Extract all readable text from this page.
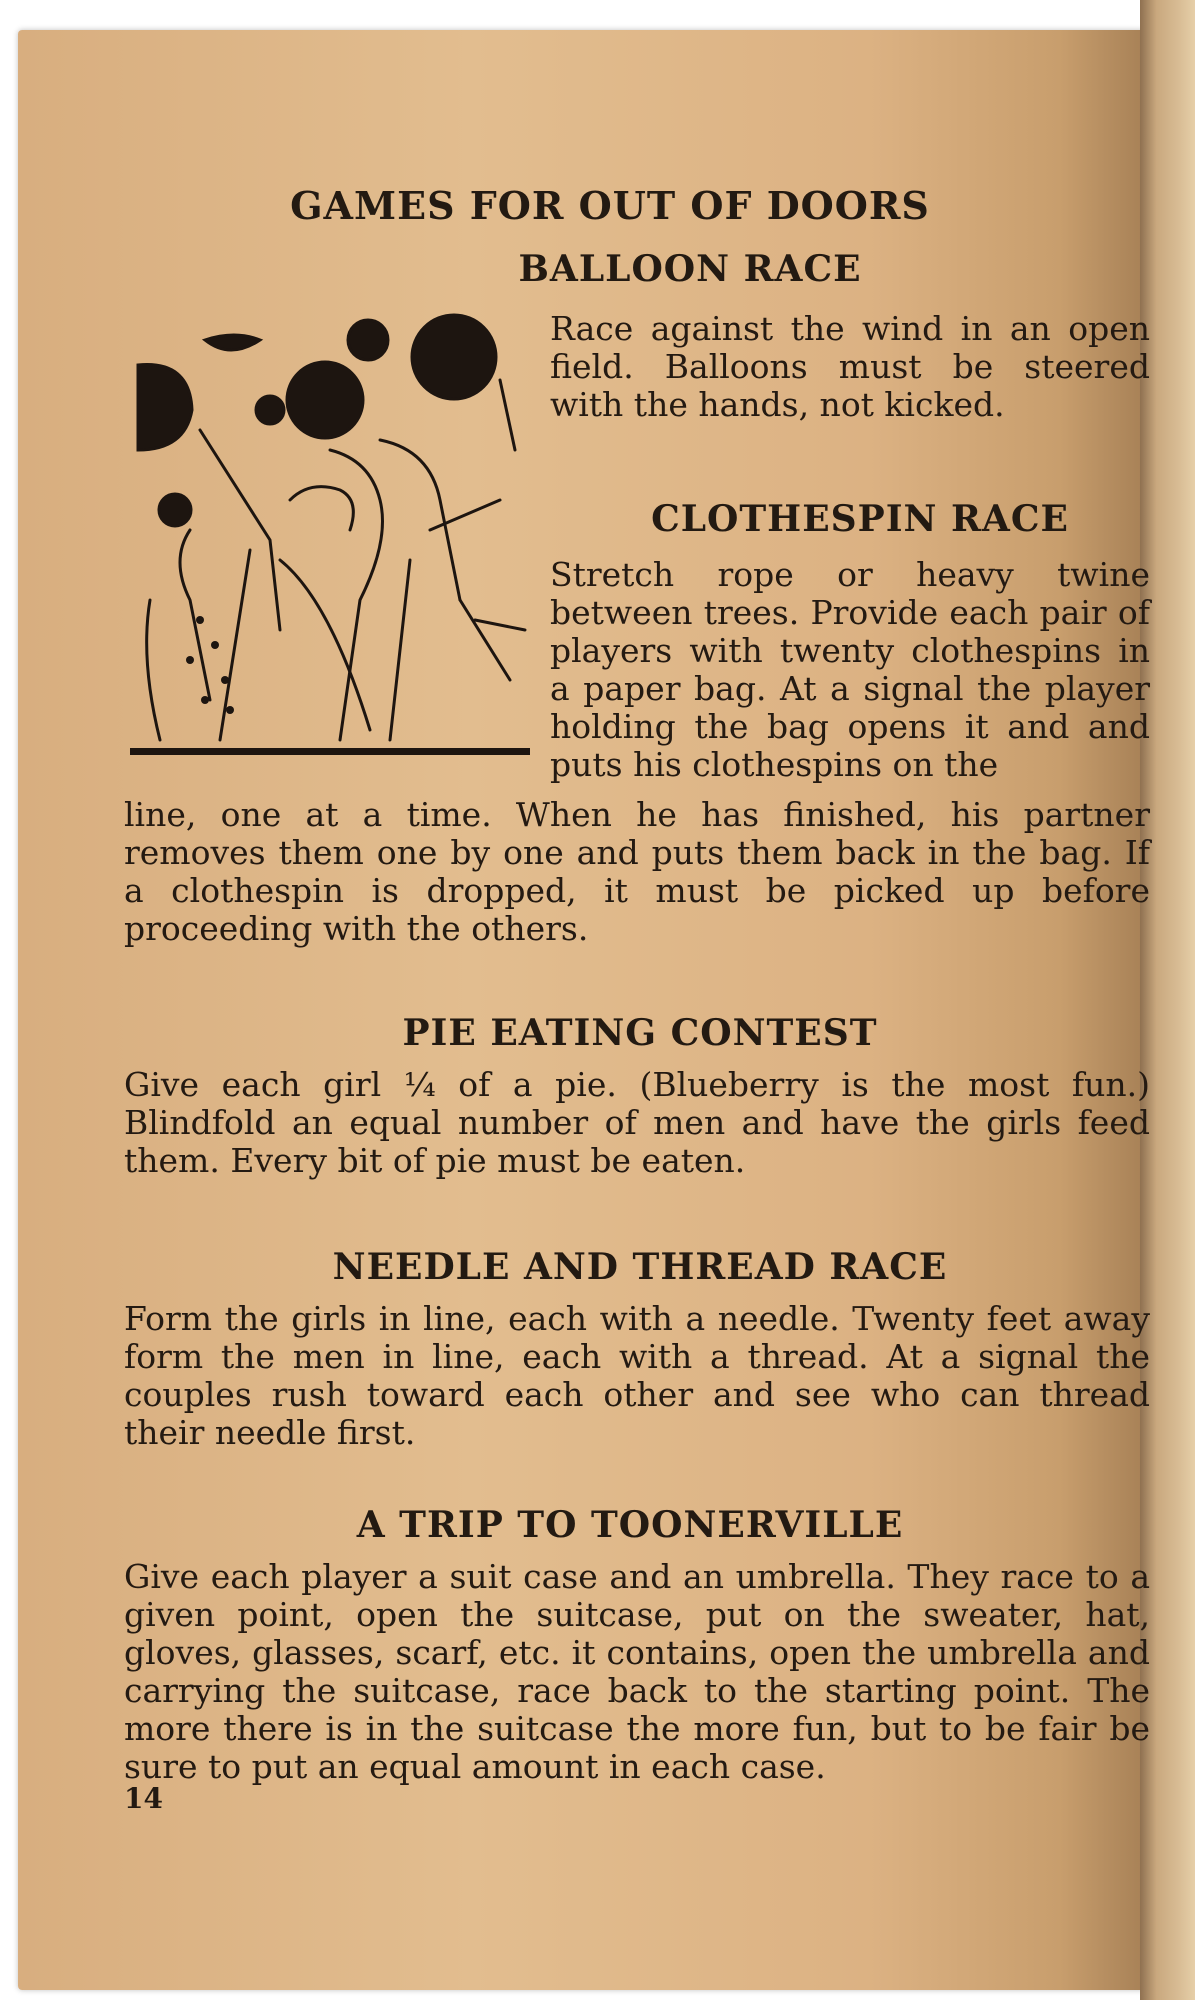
GAMES FOR OUT OF DOORS
BALLOON RACE

Race against the wind in an open field. Balloons must be steered with the hands, not kicked.

CLOTHESPIN RACE

Stretch rope or heavy twine between trees. Provide each pair of players with twenty clothespins in a paper bag. At a signal the player holding the bag opens it and and puts his clothespins on the

line, one at a time. When he has finished, his partner removes them one by one and puts them back in the bag. If a clothespin is dropped, it must be picked up before proceeding with the others.

PIE EATING CONTEST

Give each girl ¼ of a pie. (Blueberry is the most fun.) Blindfold an equal number of men and have the girls feed them. Every bit of pie must be eaten.

NEEDLE AND THREAD RACE

Form the girls in line, each with a needle. Twenty feet away form the men in line, each with a thread. At a signal the couples rush toward each other and see who can thread their needle first.

A TRIP TO TOONERVILLE

Give each player a suit case and an umbrella. They race to a given point, open the suitcase, put on the sweater, hat, gloves, glasses, scarf, etc. it contains, open the umbrella and carrying the suitcase, race back to the starting point. The more there is in the suitcase the more fun, but to be fair be sure to put an equal amount in each case.

14
